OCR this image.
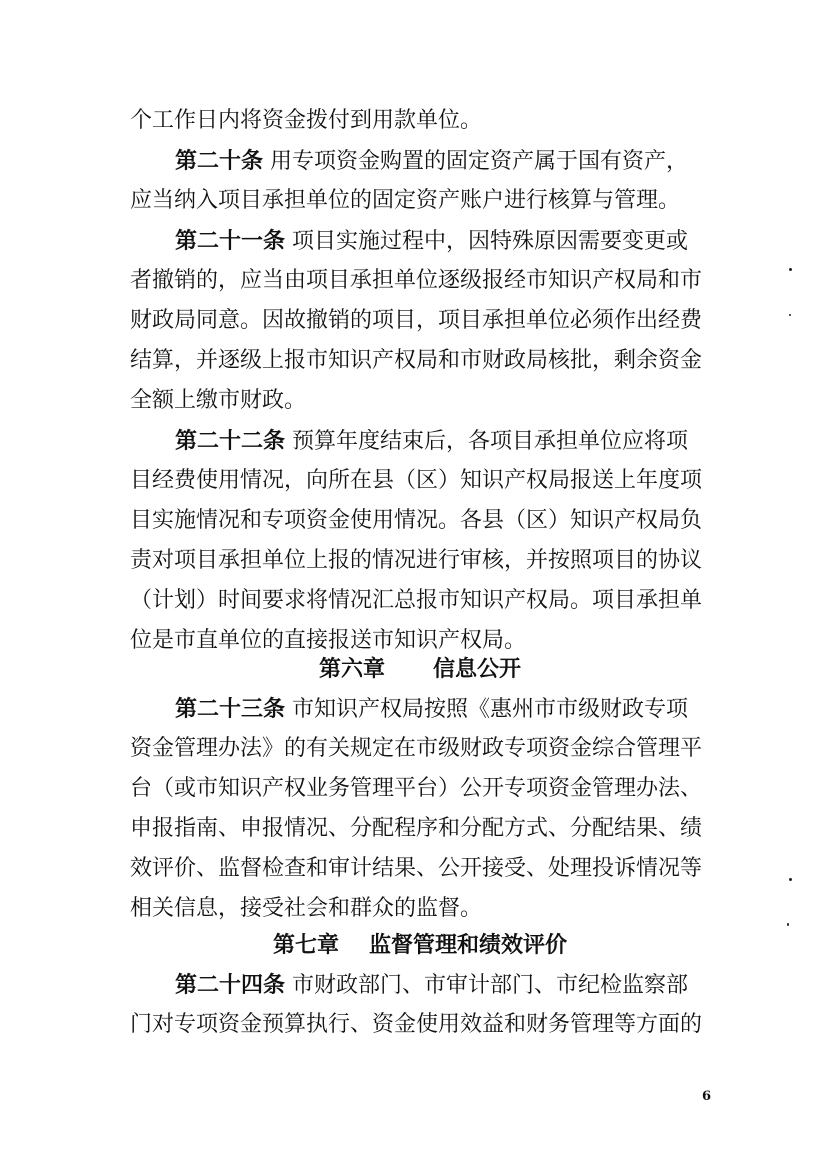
个工作日内将资金拨付到用款单位。
第二十条 用专项资金购置的固定资产属于国有资产，
应当纳入项目承担单位的固定资产账户进行核算与管理。
第二十一条 项目实施过程中，因特殊原因需要变更或
者撤销的，应当由项目承担单位逐级报经市知识产权局和市
财政局同意。因故撤销的项目，项目承担单位必须作出经费
结算，并逐级上报市知识产权局和市财政局核批，剩余资金
全额上缴市财政。
第二十二条 预算年度结束后，各项目承担单位应将项
目经费使用情况，向所在县（区）知识产权局报送上年度项
目实施情况和专项资金使用情况。各县（区）知识产权局负
责对项目承担单位上报的情况进行审核，并按照项目的协议
（计划）时间要求将情况汇总报市知识产权局。项目承担单
位是市直单位的直接报送市知识产权局。
第六章 信息公开
第二十三条 市知识产权局按照《惠州市市级财政专项
资金管理办法》的有关规定在市级财政专项资金综合管理平
台（或市知识产权业务管理平台）公开专项资金管理办法、
申报指南、申报情况、分配程序和分配方式、分配结果、绩
效评价、监督检查和审计结果、公开接受、处理投诉情况等
相关信息，接受社会和群众的监督。
第七章 监督管理和绩效评价
第二十四条 市财政部门、市审计部门、市纪检监察部
门对专项资金预算执行、资金使用效益和财务管理等方面的
6
